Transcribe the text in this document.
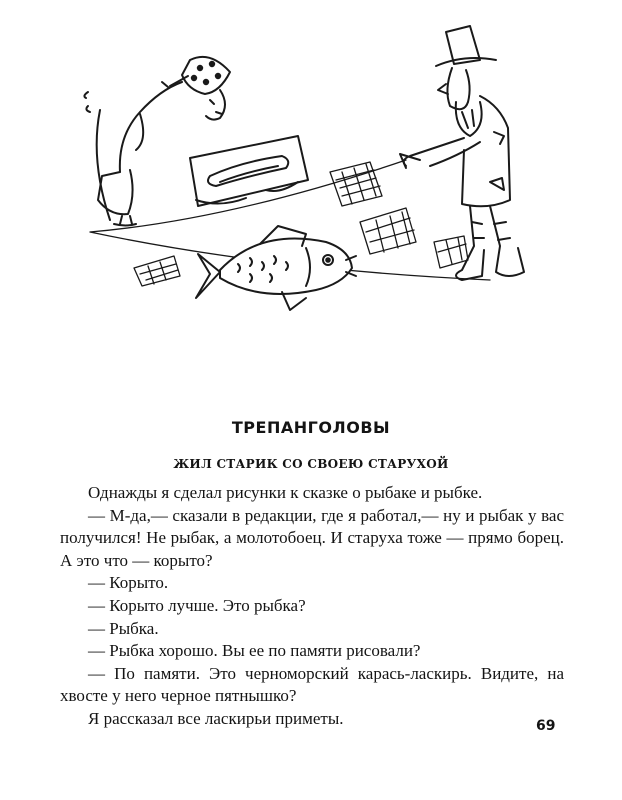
ТРЕПАНГОЛОВЫ
ЖИЛ СТАРИК СО СВОЕЮ СТАРУХОЙ

Однажды я сделал рисунки к сказке о рыбаке и рыбке.

— М-да,— сказали в редакции, где я работал,— ну и рыбак у вас получился! Не рыбак, а молотобоец. И старуха тоже — прямо борец. А это что — корыто?

— Корыто.

— Корыто лучше. Это рыбка?

— Рыбка.

— Рыбка хорошо. Вы ее по памяти рисовали?

— По памяти. Это черноморский карась-ласкирь. Видите, на хвосте у него черное пятнышко?

Я рассказал все ласкирьи приметы.	69
